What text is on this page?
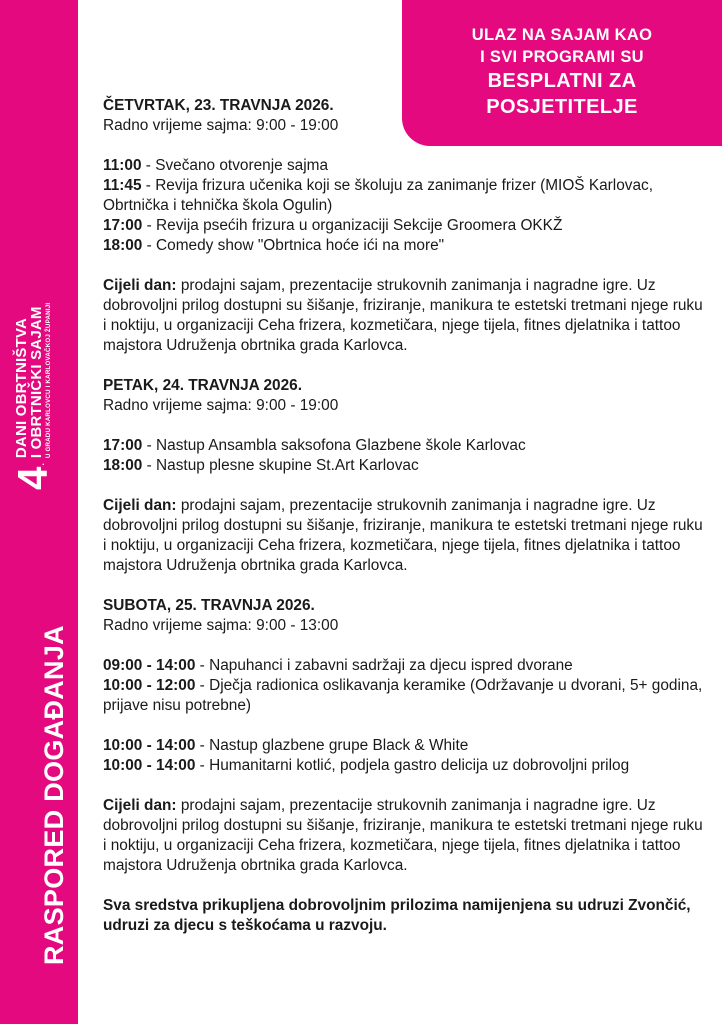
4
.
DANI OBRTNIŠTVA
I OBRTNIČKI SAJAM U GRADU KARLOVCU I KARLOVAČKOJ ŽUPANIJI
RASPORED DOGAĐANJA
ULAZ NA SAJAM KAO
I SVI PROGRAMI SU
BESPLATNI ZA
POSJETITELJE
ČETVRTAK, 23. TRAVNJA 2026.
Radno vrijeme sajma: 9:00 - 19:00
11:00 - Svečano otvorenje sajma
11:45 - Revija frizura učenika koji se školuju za zanimanje frizer (MIOŠ Karlovac, Obrtnička i tehnička škola Ogulin)
17:00 - Revija psećih frizura u organizaciji Sekcije Groomera OKKŽ
18:00 - Comedy show "Obrtnica hoće ići na more"
Cijeli dan: prodajni sajam, prezentacije strukovnih zanimanja i nagradne igre. Uz dobrovoljni prilog dostupni su šišanje, friziranje, manikura te estetski tretmani njege ruku i noktiju, u organizaciji Ceha frizera, kozmetičara, njege tijela, fitnes djelatnika i tattoo majstora Udruženja obrtnika grada Karlovca.
PETAK, 24. TRAVNJA 2026.
Radno vrijeme sajma: 9:00 - 19:00
17:00 - Nastup Ansambla saksofona Glazbene škole Karlovac
18:00 - Nastup plesne skupine St.Art Karlovac
Cijeli dan: prodajni sajam, prezentacije strukovnih zanimanja i nagradne igre. Uz dobrovoljni prilog dostupni su šišanje, friziranje, manikura te estetski tretmani njege ruku i noktiju, u organizaciji Ceha frizera, kozmetičara, njege tijela, fitnes djelatnika i tattoo majstora Udruženja obrtnika grada Karlovca.
SUBOTA, 25. TRAVNJA 2026.
Radno vrijeme sajma: 9:00 - 13:00
09:00 - 14:00 - Napuhanci i zabavni sadržaji za djecu ispred dvorane
10:00 - 12:00 - Dječja radionica oslikavanja keramike (Održavanje u dvorani, 5+ godina, prijave nisu potrebne)
10:00 - 14:00 - Nastup glazbene grupe Black & White
10:00 - 14:00 - Humanitarni kotlić, podjela gastro delicija uz dobrovoljni prilog
Cijeli dan: prodajni sajam, prezentacije strukovnih zanimanja i nagradne igre. Uz dobrovoljni prilog dostupni su šišanje, friziranje, manikura te estetski tretmani njege ruku i noktiju, u organizaciji Ceha frizera, kozmetičara, njege tijela, fitnes djelatnika i tattoo majstora Udruženja obrtnika grada Karlovca.
Sva sredstva prikupljena dobrovoljnim prilozima namijenjena su udruzi Zvončić, udruzi za djecu s teškoćama u razvoju.
